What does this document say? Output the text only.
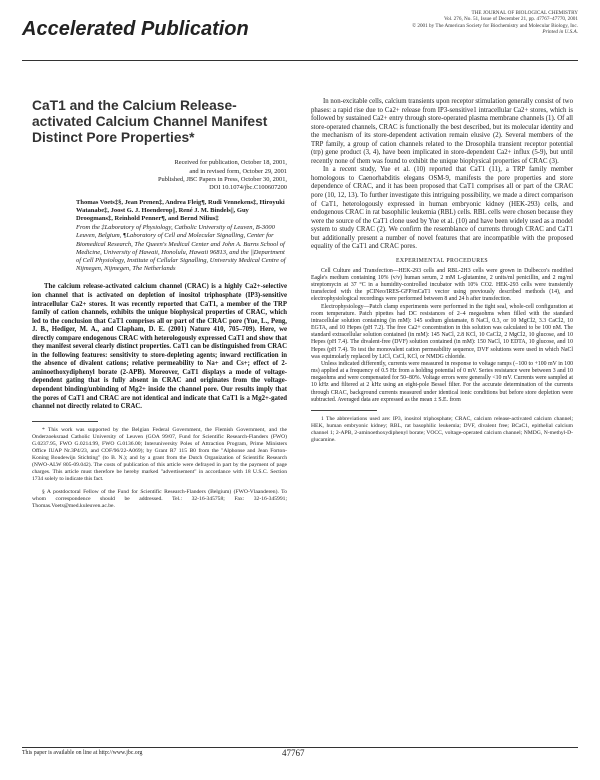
Accelerated Publication
THE JOURNAL OF BIOLOGICAL CHEMISTRY
Vol. 276, No. 51, Issue of December 21, pp. 47767–47770, 2001
© 2001 by The American Society for Biochemistry and Molecular Biology, Inc.
Printed in U.S.A.
CaT1 and the Calcium Release-activated Calcium Channel Manifest Distinct Pore Properties*
Received for publication, October 18, 2001,
and in revised form, October 29, 2001
Published, JBC Papers in Press, October 30, 2001,
DOI 10.1074/jbc.C100607200
Thomas Voets‡§, Jean Prenen‡, Andrea Fleig¶, Rudi Vennekens‡, Hiroyuki Watanabe‡, Joost G. J. Hoenderop||, René J. M. Bindels||, Guy Droogmans‡, Reinhold Penner¶, and Bernd Nilius‡
From the ‡Laboratory of Physiology, Catholic University of Leuven, B-3000 Leuven, Belgium, ¶Laboratory of Cell and Molecular Signalling, Center for Biomedical Research, The Queen's Medical Center and John A. Burns School of Medicine, University of Hawaii, Honolulu, Hawaii 96813, and the ||Department of Cell Physiology, Institute of Cellular Signalling, University Medical Centre of Nijmegen, Nijmegen, The Netherlands

The calcium release-activated calcium channel (CRAC) is a highly Ca2+-selective ion channel that is activated on depletion of inositol triphosphate (IP3)-sensitive intracellular Ca2+ stores. It was recently reported that CaT1, a member of the TRP family of cation channels, exhibits the unique biophysical properties of CRAC, which led to the conclusion that CaT1 comprises all or part of the CRAC pore (Yue, L., Peng, J. B., Hediger, M. A., and Clapham, D. E. (2001) Nature 410, 705–709). Here, we directly compare endogenous CRAC with heterologously expressed CaT1 and show that they manifest several clearly distinct properties. CaT1 can be distinguished from CRAC in the following features: sensitivity to store-depleting agents; inward rectification in the absence of divalent cations; relative permeability to Na+ and Cs+; effect of 2-aminoethoxydiphenyl borate (2-APB). Moreover, CaT1 displays a mode of voltage-dependent gating that is fully absent in CRAC and originates from the voltage-dependent binding/unbinding of Mg2+ inside the channel pore. Our results imply that the pores of CaT1 and CRAC are not identical and indicate that CaT1 is a Mg2+-gated channel not directly related to CRAC.

* This work was supported by the Belgian Federal Government, the Flemish Government, and the Onderzoeksraad Catholic University of Leuven (GOA 99/07, Fund for Scientific Research-Flanders (FWO) G.0237.95, FWO G.0214.99, FWO G.0136.00; Interuniversity Poles of Attraction Program, Prime Ministers Office IUAP Nr.3P4/23, and COF/96/22-A069); by Grant R7 115 B0 from the "Alphonse and Jean Forton-Koning Boudewijn Stichting" (to B. N.); and by a grant from the Dutch Organization of Scientific Research (NWO-ALW 805-09.042). The costs of publication of this article were defrayed in part by the payment of page charges. This article must therefore be hereby marked "advertisement" in accordance with 18 U.S.C. Section 1734 solely to indicate this fact.

§ A postdoctoral Fellow of the Fund for Scientific Research-Flanders (Belgium) (FWO-Vlaanderen). To whom correspondence should be addressed. Tel.: 32-16-345758; Fax: 32-16-345991; Thomas.Voets@med.kuleuven.ac.be.

In non-excitable cells, calcium transients upon receptor stimulation generally consist of two phases: a rapid rise due to Ca2+ release from IP3-sensitive1 intracellular Ca2+ stores, which is followed by sustained Ca2+ entry through store-operated plasma membrane channels (1). Of all store-operated channels, CRAC is functionally the best described, but its molecular identity and the mechanism of its store-dependent activation remain elusive (2). Several members of the TRP family, a group of cation channels related to the Drosophila transient receptor potential (trp) gene product (3, 4), have been implicated in store-dependent Ca2+ influx (5-9), but until recently none of them was found to exhibit the unique biophysical properties of CRAC (3).

In a recent study, Yue et al. (10) reported that CaT1 (11), a TRP family member homologous to Caenorhabditis elegans OSM-9, manifests the pore properties and store dependence of CRAC, and it has been proposed that CaT1 comprises all or part of the CRAC pore (10, 12, 13). To further investigate this intriguing possibility, we made a direct comparison of CaT1, heterologously expressed in human embryonic kidney (HEK-293) cells, and endogenous CRAC in rat basophilic leukemia (RBL) cells. RBL cells were chosen because they were the source of the CaT1 clone used by Yue et al. (10) and have been widely used as a model system to study CRAC (2). We confirm the resemblance of currents through CRAC and CaT1 but additionally present a number of novel features that are incompatible with the proposed equality of the CaT1 and CRAC pores.

EXPERIMENTAL PROCEDURES

Cell Culture and Transfection—HEK-293 cells and RBL-2H3 cells were grown in Dulbecco's modified Eagle's medium containing 10% (v/v) human serum, 2 mM L-glutamine, 2 units/ml penicillin, and 2 mg/ml streptomycin at 37 °C in a humidity-controlled incubator with 10% CO2. HEK-293 cells were transiently transfected with the pCINeo/IRES-GFP/mCaT1 vector using previously described methods (14), and electrophysiological recordings were performed between 8 and 24 h after transfection.

Electrophysiology—Patch clamp experiments were performed in the tight seal, whole-cell configuration at room temperature. Patch pipettes had DC resistances of 2–4 megaohms when filled with the standard intracellular solution containing (in mM): 145 sodium glutamate, 8 NaCl, 0.3, or 10 MgCl2, 3.3 CaCl2, 10 EGTA, and 10 Hepes (pH 7.2). The free Ca2+ concentration in this solution was calculated to be 100 nM. The standard extracellular solution contained (in mM): 145 NaCl, 2.8 KCl, 10 CaCl2, 2 MgCl2, 10 glucose, and 10 Hepes (pH 7.4). The divalent-free (DVF) solution contained (in mM): 150 NaCl, 10 EDTA, 10 glucose, and 10 Hepes (pH 7.4). To test the monovalent cation permeability sequence, DVF solutions were used in which NaCl was equimolarly replaced by LiCl, CsCl, KCl, or NMDG chloride.

Unless indicated differently, currents were measured in response to voltage ramps (−100 to +100 mV in 100 ms) applied at a frequency of 0.5 Hz from a holding potential of 0 mV. Series resistance were between 3 and 10 megaohms and were compensated for 50–80%. Voltage errors were generally <10 mV. Currents were sampled at 10 kHz and filtered at 2 kHz using an eight-pole Bessel filter. For the accurate determination of the currents through CRAC, background currents measured under identical ionic conditions but before store depletion were subtracted. Averaged data are expressed as the mean ± S.E. from

1 The abbreviations used are: IP3, inositol triphosphate; CRAC, calcium release-activated calcium channel; HEK, human embryonic kidney; RBL, rat basophilic leukemia; DVF, divalent free; BCaC1, epithelial calcium channel 1; 2-APB, 2-aminoethoxydiphenyl borate; VOCC, voltage-operated calcium channel; NMDG, N-methyl-D-glucamine.

This paper is available on line at http://www.jbc.org	47767
